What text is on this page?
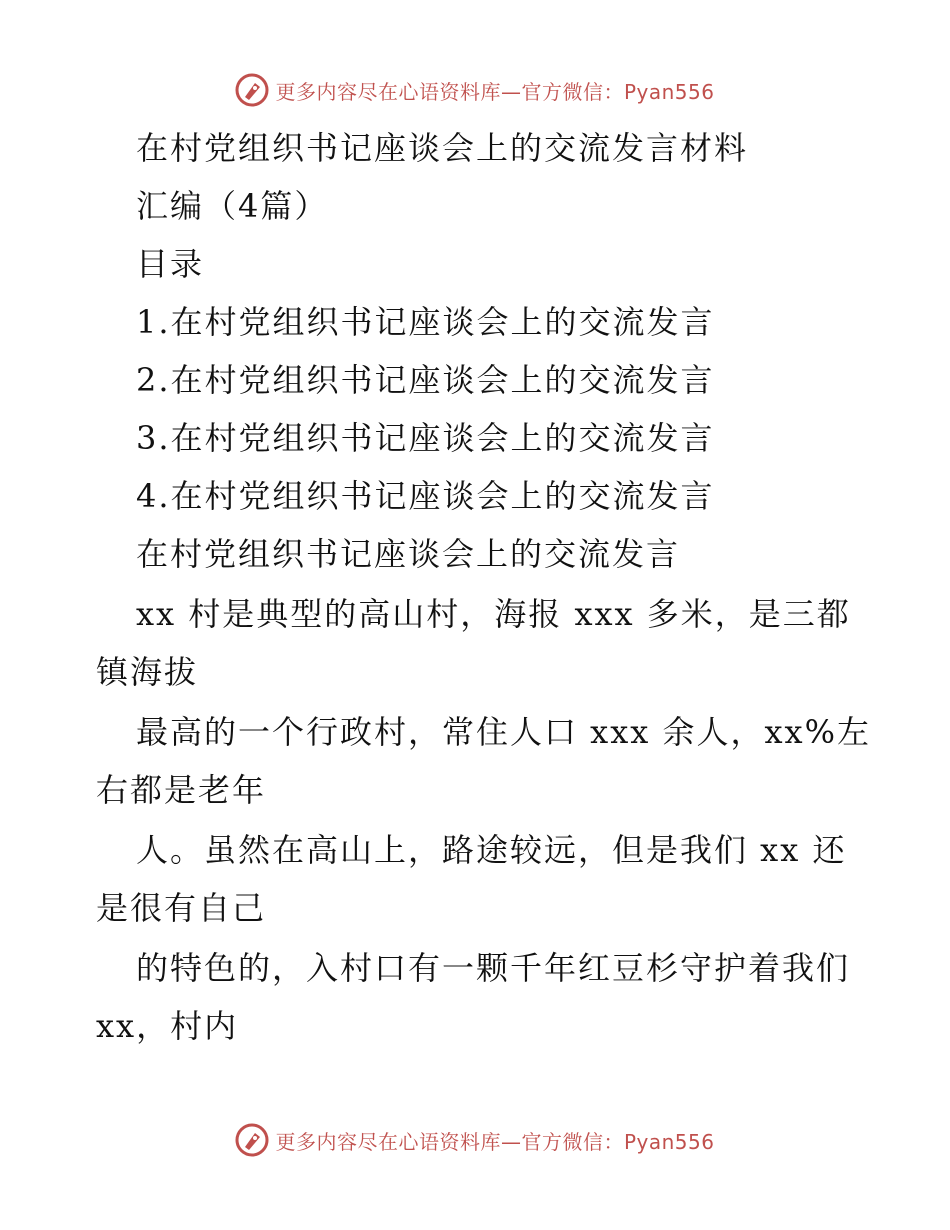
更多内容尽在心语资料库—官方微信：Pyan556
在村党组织书记座谈会上的交流发言材料
汇编（4篇）
目录
1.在村党组织书记座谈会上的交流发言
2.在村党组织书记座谈会上的交流发言
3.在村党组织书记座谈会上的交流发言
4.在村党组织书记座谈会上的交流发言
在村党组织书记座谈会上的交流发言
xx 村是典型的高山村，海报 xxx 多米，是三都
镇海拔
最高的一个行政村，常住人口 xxx 余人，xx%左
右都是老年
人。虽然在高山上，路途较远，但是我们 xx 还
是很有自己
的特色的，入村口有一颗千年红豆杉守护着我们
xx，村内
更多内容尽在心语资料库—官方微信：Pyan556
